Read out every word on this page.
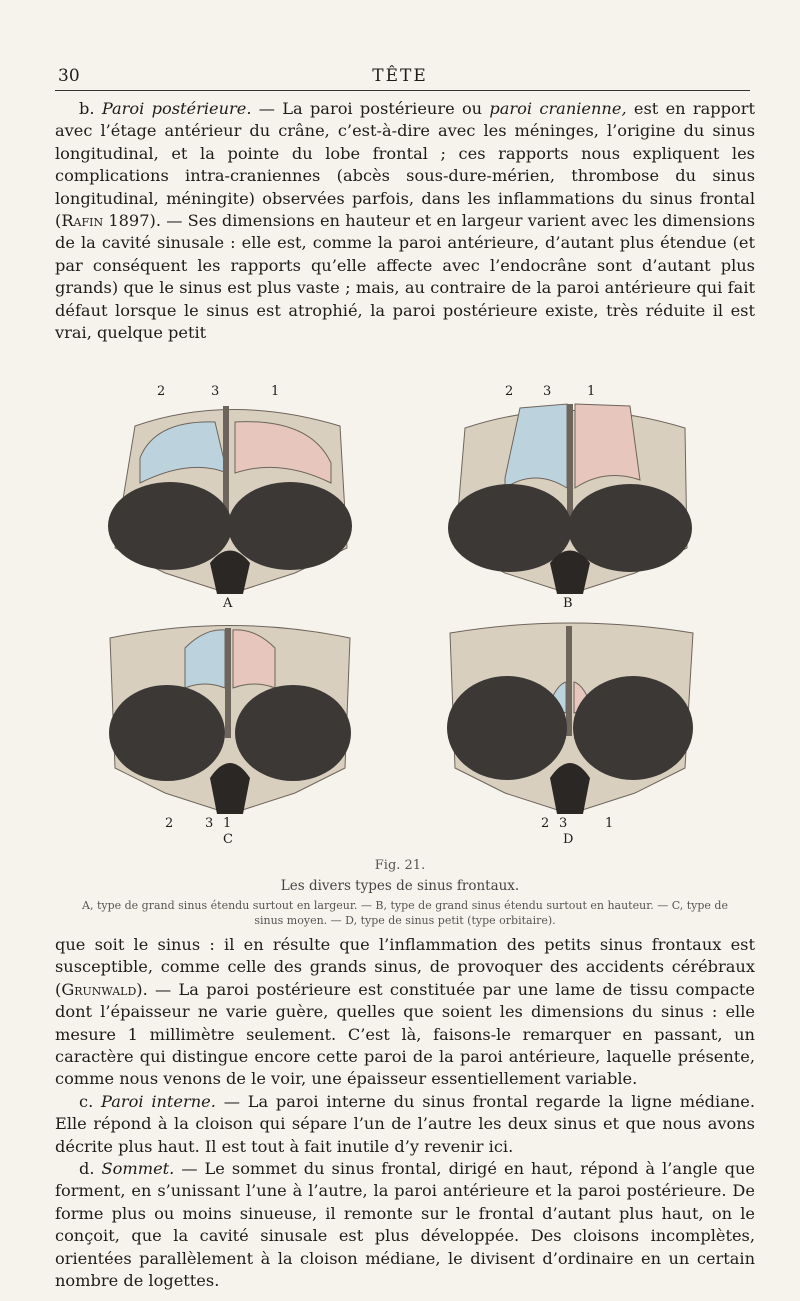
30	TÊTE

b. Paroi postérieure. — La paroi postérieure ou paroi cranienne, est en rapport avec l’étage antérieur du crâne, c’est-à-dire avec les méninges, l’origine du sinus longitudinal, et la pointe du lobe frontal ; ces rapports nous expliquent les complications intra-craniennes (abcès sous-dure-mérien, thrombose du sinus longitudinal, méningite) observées parfois, dans les inflammations du sinus frontal (Rafin 1897). — Ses dimensions en hauteur et en largeur varient avec les dimensions de la cavité sinusale : elle est, comme la paroi antérieure, d’autant plus étendue (et par conséquent les rapports qu’elle affecte avec l’endocrâne sont d’autant plus grands) que le sinus est plus vaste ; mais, au contraire de la paroi antérieure qui fait défaut lorsque le sinus est atrophié, la paroi postérieure existe, très réduite il est vrai, quelque petit

2	3	1
A
2 3	1
B
2 3 1
C
2 3	1
D
Fig. 21.
Les divers types de sinus frontaux.
A, type de grand sinus étendu surtout en largeur. — B, type de grand sinus étendu surtout en hauteur. — C, type de sinus moyen. — D, type de sinus petit (type orbitaire).

que soit le sinus : il en résulte que l’inflammation des petits sinus frontaux est susceptible, comme celle des grands sinus, de provoquer des accidents cérébraux (Grunwald). — La paroi postérieure est constituée par une lame de tissu compacte dont l’épaisseur ne varie guère, quelles que soient les dimensions du sinus : elle mesure 1 millimètre seulement. C’est là, faisons-le remarquer en passant, un caractère qui distingue encore cette paroi de la paroi antérieure, laquelle présente, comme nous venons de le voir, une épaisseur essentiellement variable.

c. Paroi interne. — La paroi interne du sinus frontal regarde la ligne médiane. Elle répond à la cloison qui sépare l’un de l’autre les deux sinus et que nous avons décrite plus haut. Il est tout à fait inutile d’y revenir ici.

d. Sommet. — Le sommet du sinus frontal, dirigé en haut, répond à l’angle que forment, en s’unissant l’une à l’autre, la paroi antérieure et la paroi postérieure. De forme plus ou moins sinueuse, il remonte sur le frontal d’autant plus haut, on le conçoit, que la cavité sinusale est plus développée. Des cloisons incomplètes, orientées parallèlement à la cloison médiane, le divisent d’ordinaire en un certain nombre de logettes.
